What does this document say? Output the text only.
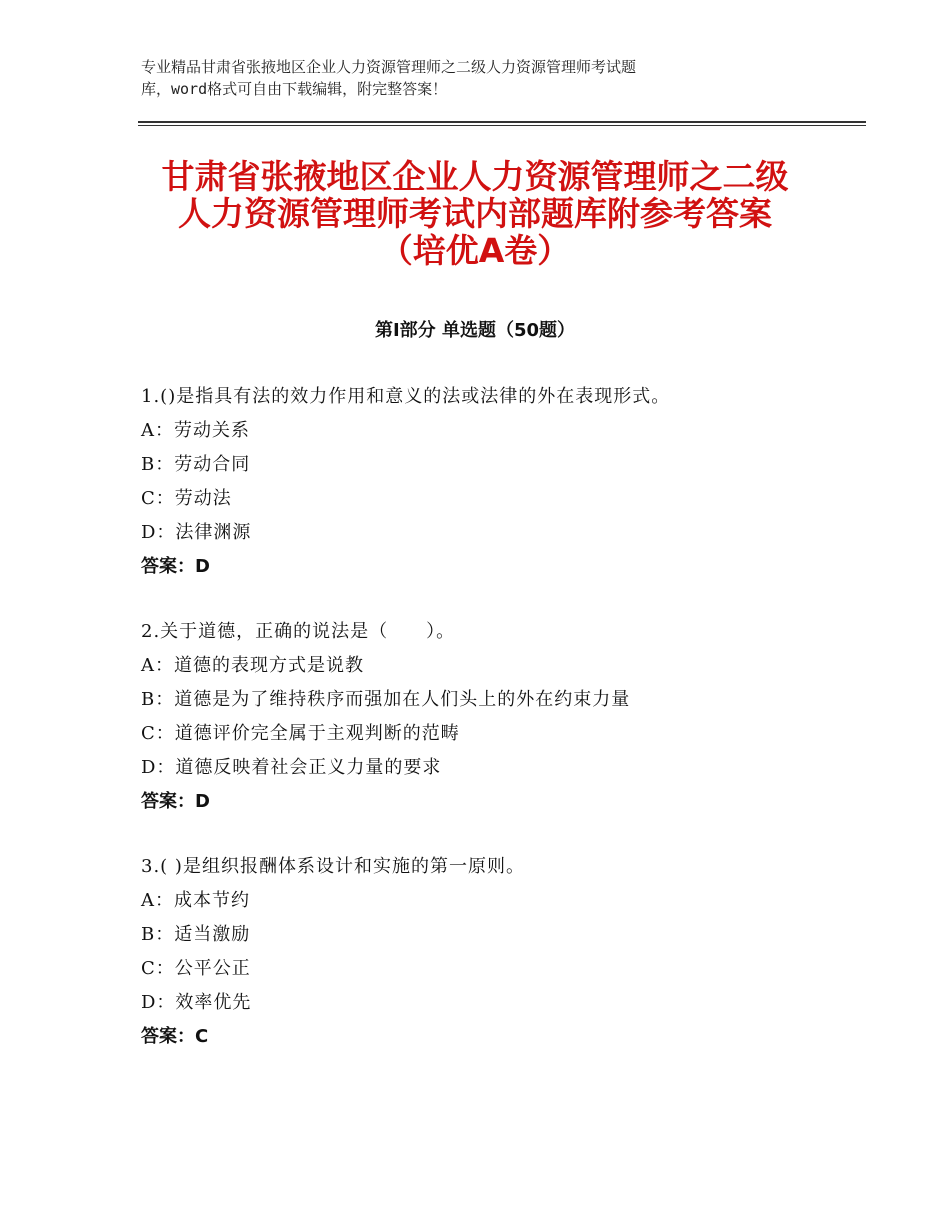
专业精品甘肃省张掖地区企业人力资源管理师之二级人力资源管理师考试题
库，word格式可自由下载编辑，附完整答案！
甘肃省张掖地区企业人力资源管理师之二级
人力资源管理师考试内部题库附参考答案
（培优A卷）
第Ⅰ部分 单选题（50题）
1.()是指具有法的效力作用和意义的法或法律的外在表现形式。
A：劳动关系
B：劳动合同
C：劳动法
D：法律渊源
答案：D
2.关于道德，正确的说法是（　　）。
A：道德的表现方式是说教
B：道德是为了维持秩序而强加在人们头上的外在约束力量
C：道德评价完全属于主观判断的范畴
D：道德反映着社会正义力量的要求
答案：D
3.( )是组织报酬体系设计和实施的第一原则。
A：成本节约
B：适当激励
C：公平公正
D：效率优先
答案：C
